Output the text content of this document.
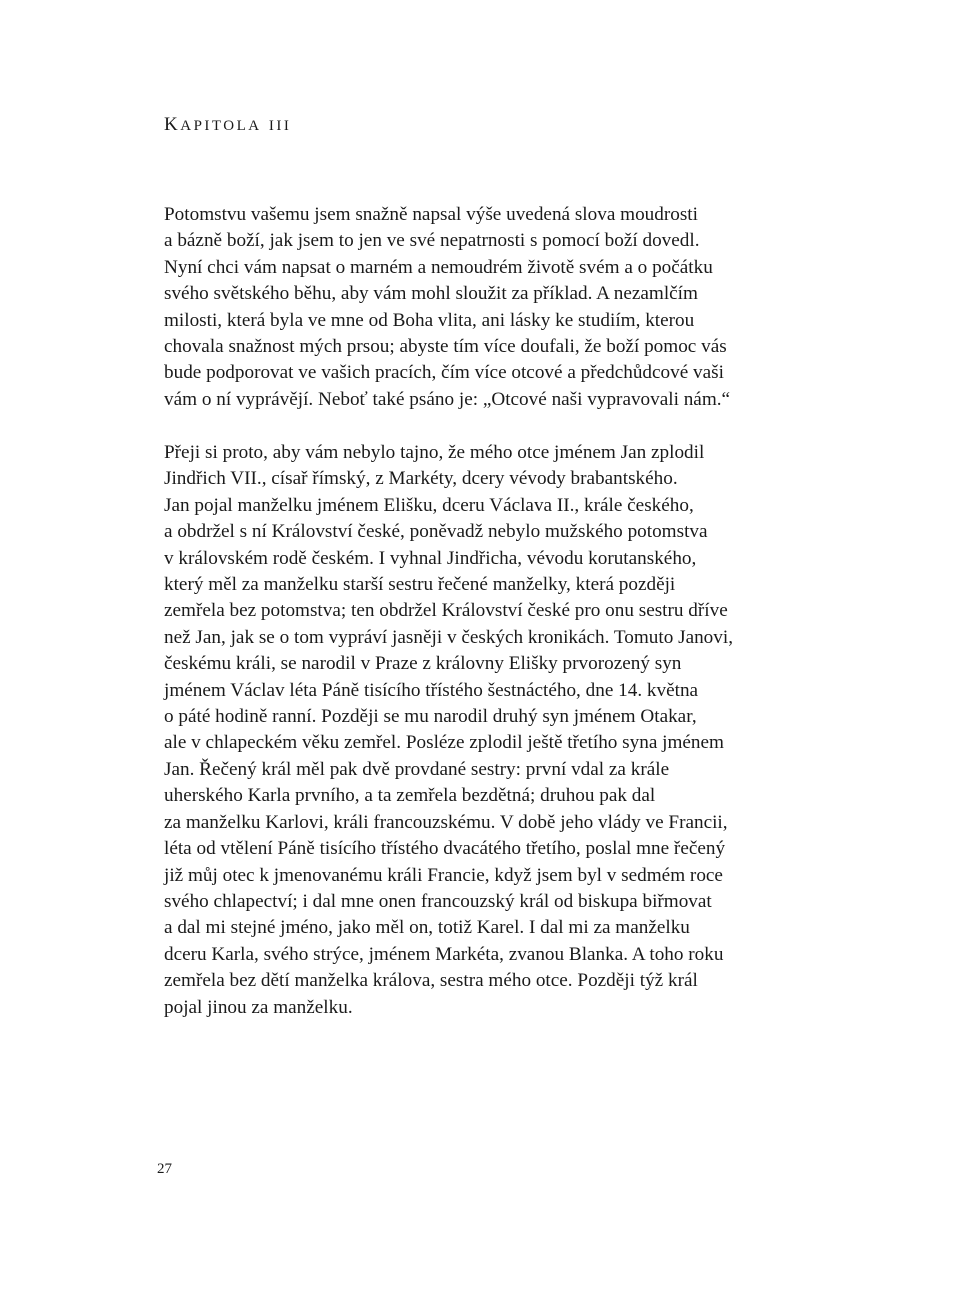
KAPITOLA III

Potomstvu vašemu jsem snažně napsal výše uvedená slova moudrosti
a bázně boží, jak jsem to jen ve své nepatrnosti s pomocí boží dovedl.
Nyní chci vám napsat o marném a nemoudrém životě svém a o počátku
svého světského běhu, aby vám mohl sloužit za příklad. A nezamlčím
milosti, která byla ve mne od Boha vlita, ani lásky ke studiím, kterou
chovala snažnost mých prsou; abyste tím více doufali, že boží pomoc vás
bude podporovat ve vašich pracích, čím více otcové a předchůdcové vaši
vám o ní vyprávějí. Neboť také psáno je: „Otcové naši vypravovali nám.“

Přeji si proto, aby vám nebylo tajno, že mého otce jménem Jan zplodil
Jindřich VII., císař římský, z Markéty, dcery vévody brabantského.
Jan pojal manželku jménem Elišku, dceru Václava II., krále českého,
a obdržel s ní Království české, poněvadž nebylo mužského potomstva
v královském rodě českém. I vyhnal Jindřicha, vévodu korutanského,
který měl za manželku starší sestru řečené manželky, která později
zemřela bez potomstva; ten obdržel Království české pro onu sestru dříve
než Jan, jak se o tom vypráví jasněji v českých kronikách. Tomuto Janovi,
českému králi, se narodil v Praze z královny Elišky prvorozený syn
jménem Václav léta Páně tisícího třístého šestnáctého, dne 14. května
o páté hodině ranní. Později se mu narodil druhý syn jménem Otakar,
ale v chlapeckém věku zemřel. Posléze zplodil ještě třetího syna jménem
Jan. Řečený král měl pak dvě provdané sestry: první vdal za krále
uherského Karla prvního, a ta zemřela bezdětná; druhou pak dal
za manželku Karlovi, králi francouzskému. V době jeho vlády ve Francii,
léta od vtělení Páně tisícího třístého dvacátého třetího, poslal mne řečený
již můj otec k jmenovanému králi Francie, když jsem byl v sedmém roce
svého chlapectví; i dal mne onen francouzský král od biskupa biřmovat
a dal mi stejné jméno, jako měl on, totiž Karel. I dal mi za manželku
dceru Karla, svého strýce, jménem Markéta, zvanou Blanka. A toho roku
zemřela bez dětí manželka králova, sestra mého otce. Později týž král
pojal jinou za manželku.

27
